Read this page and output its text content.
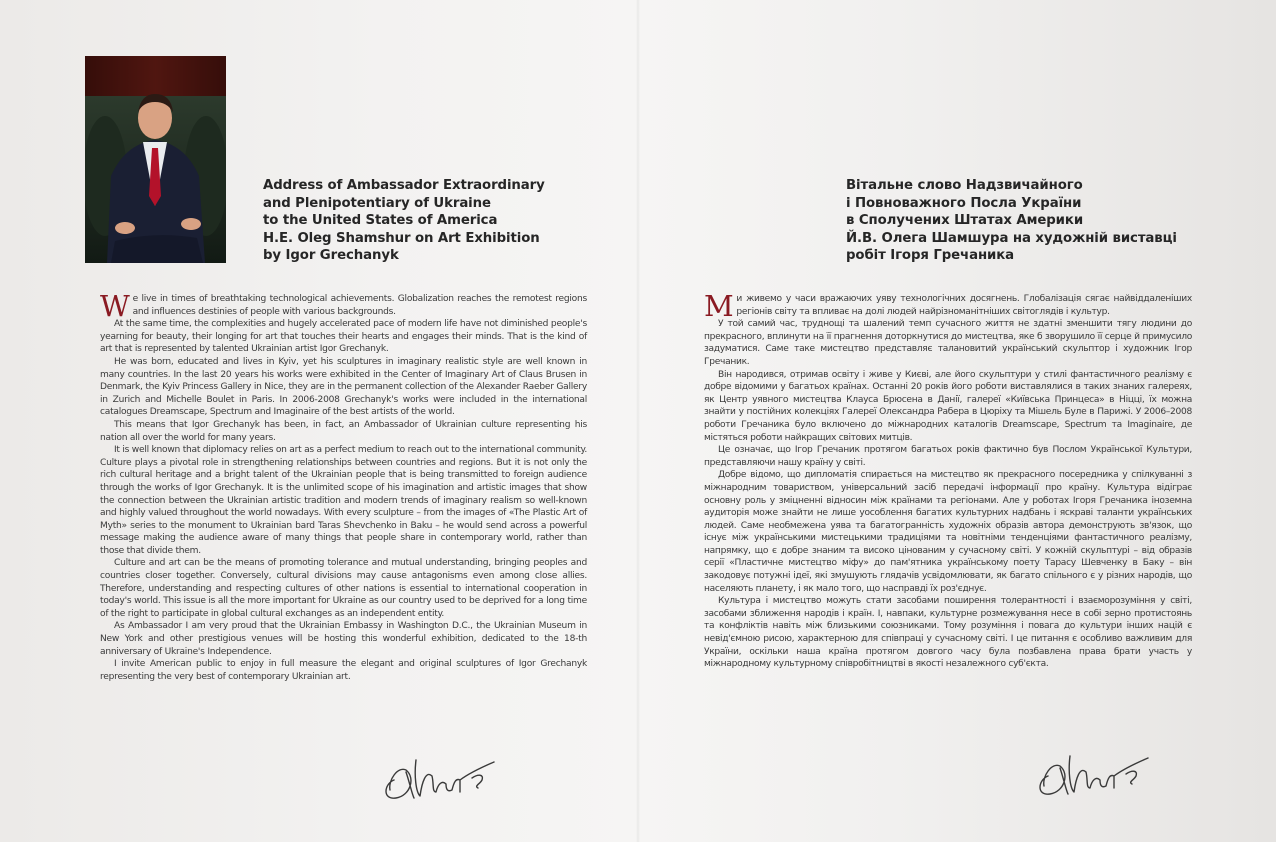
Address of Ambassador Extraordinary
and Plenipotentiary of Ukraine
to the United States of America
H.E. Oleg Shamshur on Art Exhibition
by Igor Grechanyk

We live in times of breathtaking technological achievements. Globalization reaches the remotest regions and influences destinies of people with various backgrounds.

At the same time, the complexities and hugely accelerated pace of modern life have not diminished people's yearning for beauty, their longing for art that touches their hearts and engages their minds. That is the kind of art that is represented by talented Ukrainian artist Igor Grechanyk.

He was born, educated and lives in Kyiv, yet his sculptures in imaginary realistic style are well known in many countries. In the last 20 years his works were exhibited in the Center of Imaginary Art of Claus Brusen in Denmark, the Kyiv Princess Gallery in Nice, they are in the permanent collection of the Alexander Raeber Gallery in Zurich and Michelle Boulet in Paris. In 2006-2008 Grechanyk's works were included in the international catalogues Dreamscape, Spectrum and Imaginaire of the best artists of the world.

This means that Igor Grechanyk has been, in fact, an Ambassador of Ukrainian culture representing his nation all over the world for many years.

It is well known that diplomacy relies on art as a perfect medium to reach out to the international community. Culture plays a pivotal role in strengthening relationships between countries and regions. But it is not only the rich cultural heritage and a bright talent of the Ukrainian people that is being transmitted to foreign audience through the works of Igor Grechanyk. It is the unlimited scope of his imagination and artistic images that show the connection between the Ukrainian artistic tradition and modern trends of imaginary realism so well-known and highly valued throughout the world nowadays. With every sculpture – from the images of «The Plastic Art of Myth» series to the monument to Ukrainian bard Taras Shevchenko in Baku – he would send across a powerful message making the audience aware of many things that people share in contemporary world, rather than those that divide them.

Culture and art can be the means of promoting tolerance and mutual understanding, bringing peoples and countries closer together. Conversely, cultural divisions may cause antagonisms even among close allies. Therefore, understanding and respecting cultures of other nations is essential to international cooperation in today's world. This issue is all the more important for Ukraine as our country used to be deprived for a long time of the right to participate in global cultural exchanges as an independent entity.

As Ambassador I am very proud that the Ukrainian Embassy in Washington D.C., the Ukrainian Museum in New York and other prestigious venues will be hosting this wonderful exhibition, dedicated to the 18-th anniversary of Ukraine's Independence.

I invite American public to enjoy in full measure the elegant and original sculptures of Igor Grechanyk representing the very best of contemporary Ukrainian art.

Вітальне слово Надзвичайного
і Повноважного Посла України
в Сполучених Штатах Америки
Й.В. Олега Шамшура на художній виставці
робіт Ігоря Гречаника

Ми живемо у часи вражаючих уяву технологічних досягнень. Глобалізація сягає найвіддаленіших регіонів світу та впливає на долі людей найрізноманітніших світоглядів і культур.

У той самий час, труднощі та шалений темп сучасного життя не здатні зменшити тягу людини до прекрасного, вплинути на її прагнення доторкнутися до мистецтва, яке б зворушило її серце й примусило задуматися. Саме таке мистецтво представляє талановитий український скульптор і художник Ігор Гречаник.

Він народився, отримав освіту і живе у Києві, але його скульптури у стилі фантастичного реалізму є добре відомими у багатьох країнах. Останні 20 років його роботи виставлялися в таких знаних галереях, як Центр уявного мистецтва Клауса Брюсена в Данії, галереї «Київська Принцеса» в Ніцці, їх можна знайти у постійних колекціях Галереї Олександра Рабера в Цюріху та Мішель Буле в Парижі. У 2006–2008 роботи Гречаника було включено до міжнародних каталогів Dreamscape, Spectrum та Imaginaire, де містяться роботи найкращих світових митців.

Це означає, що Ігор Гречаник протягом багатьох років фактично був Послом Української Культури, представляючи нашу країну у світі.

Добре відомо, що дипломатія спирається на мистецтво як прекрасного посередника у спілкуванні з міжнародним товариством, універсальний засіб передачі інформації про країну. Культура відіграє основну роль у зміцненні відносин між країнами та регіонами. Але у роботах Ігоря Гречаника іноземна аудиторія може знайти не лише уособлення багатих культурних надбань і яскраві таланти українських людей. Саме необмежена уява та багатогранність художніх образів автора демонструють зв'язок, що існує між українськими мистецькими традиціями та новітніми тенденціями фантастичного реалізму, напрямку, що є добре знаним та високо цінованим у сучасному світі. У кожній скульптурі – від образів серії «Пластичне мистецтво міфу» до пам'ятника українському поету Тарасу Шевченку в Баку – він закодовує потужні ідеї, які змушують глядачів усвідомлювати, як багато спільного є у різних народів, що населяють планету, і як мало того, що насправді їх роз'єднує.

Культура і мистецтво можуть стати засобами поширення толерантності і взаєморозуміння у світі, засобами зближення народів і країн. І, навпаки, культурне розмежування несе в собі зерно протистоянь та конфліктів навіть між близькими союзниками. Тому розуміння і повага до культури інших націй є невід'ємною рисою, характерною для співпраці у сучасному світі. І це питання є особливо важливим для України, оскільки наша країна протягом довгого часу була позбавлена права брати участь у міжнародному культурному співробітництві в якості незалежного суб'єкта.
